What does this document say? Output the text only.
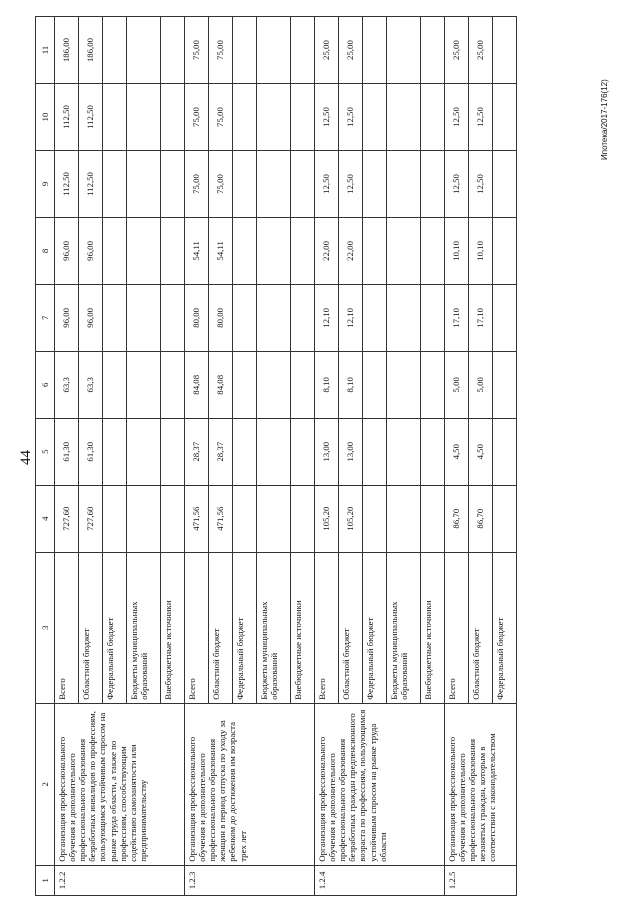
44
1	2	3	4	5	6	7	8	9	10	11
1.2.2	Организация профессионального обучения и дополнительного профессионального образования безработных инвалидов по профессиям, пользующимся устойчивым спросом на рынке труда области, а также по профессиям, способствующим содействию самозанятости или предпринимательству	Всего	727,60	61,30	63,3	96,00	96,00	112,50	112,50	186,00
		Областной бюджет	727,60	61,30	63,3	96,00	96,00	112,50	112,50	186,00
		Федеральный бюджет								
		Бюджеты муниципальных образований								
		Внебюджетные источники								
1.2.3	Организация профессионального обучения и дополнительного профессионального образования женщин в период отпуска по уходу за ребенком до достижения им возраста трех лет	Всего	471,56	28,37	84,08	80,00	54,11	75,00	75,00	75,00
		Областной бюджет	471,56	28,37	84,08	80,00	54,11	75,00	75,00	75,00
		Федеральный бюджет								
		Бюджеты муниципальных образований								
		Внебюджетные источники								
1.2.4	Организация профессионального обучения и дополнительного профессионального образования безработных граждан предпенсионного возраста по профессиям, пользующимся устойчивым спросом на рынке труда области	Всего	105,20	13,00	8,10	12,10	22,00	12,50	12,50	25,00
		Областной бюджет	105,20	13,00	8,10	12,10	22,00	12,50	12,50	25,00
		Федеральный бюджет								
		Бюджеты муниципальных образований								
		Внебюджетные источники								
1.2.5	Организация профессионального обучения и дополнительного профессионального образования незанятых граждан, которым в соответствии с законодательством	Всего	86,70	4,50	5,00	17,10	10,10	12,50	12,50	25,00
		Областной бюджет	86,70	4,50	5,00	17,10	10,10	12,50	12,50	25,00
		Федеральный бюджет								
Ипотека/2017-176(12)
